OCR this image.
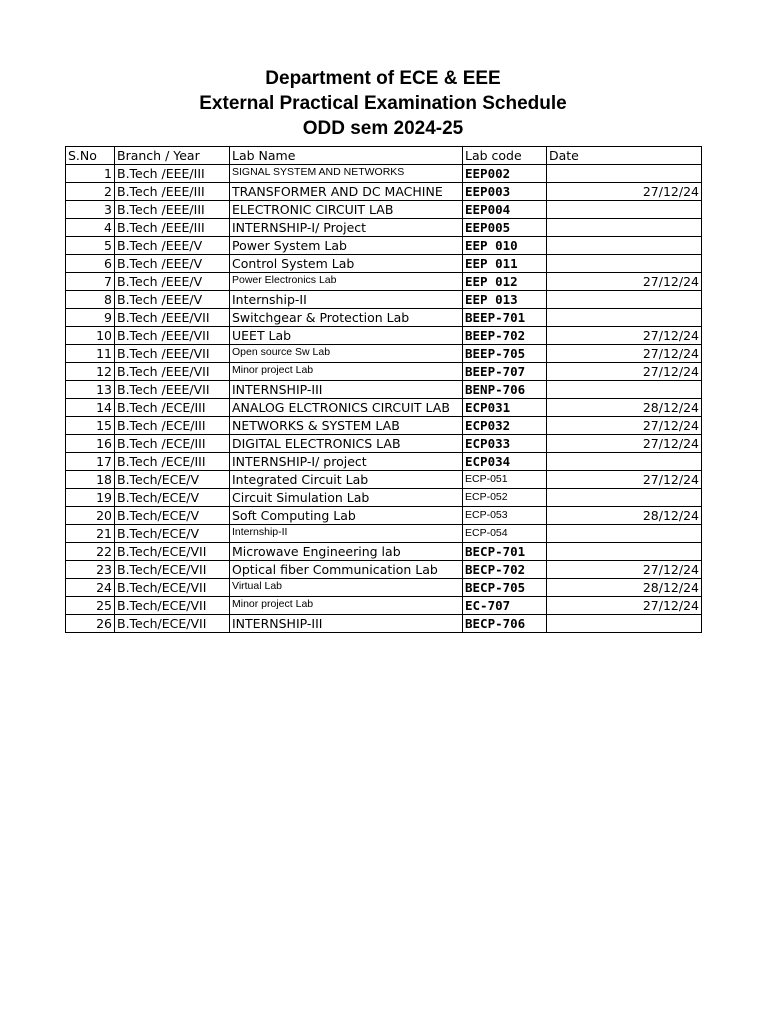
Department of ECE & EEE
External Practical Examination Schedule
ODD sem 2024-25
S.No	Branch / Year	Lab Name	Lab code	Date
1	B.Tech /EEE/III	SIGNAL SYSTEM AND NETWORKS	EEP002	
2	B.Tech /EEE/III	TRANSFORMER AND DC MACHINE	EEP003	27/12/24
3	B.Tech /EEE/III	ELECTRONIC CIRCUIT LAB	EEP004	
4	B.Tech /EEE/III	INTERNSHIP-I/ Project	EEP005	
5	B.Tech /EEE/V	Power System Lab	EEP 010	
6	B.Tech /EEE/V	Control System Lab	EEP 011	
7	B.Tech /EEE/V	Power Electronics Lab	EEP 012	27/12/24
8	B.Tech /EEE/V	Internship-II	EEP 013	
9	B.Tech /EEE/VII	Switchgear & Protection Lab	BEEP-701	
10	B.Tech /EEE/VII	UEET Lab	BEEP-702	27/12/24
11	B.Tech /EEE/VII	Open source Sw Lab	BEEP-705	27/12/24
12	B.Tech /EEE/VII	Minor project Lab	BEEP-707	27/12/24
13	B.Tech /EEE/VII	INTERNSHIP-III	BENP-706	
14	B.Tech /ECE/III	ANALOG ELCTRONICS CIRCUIT LAB	ECP031	28/12/24
15	B.Tech /ECE/III	NETWORKS & SYSTEM LAB	ECP032	27/12/24
16	B.Tech /ECE/III	DIGITAL ELECTRONICS LAB	ECP033	27/12/24
17	B.Tech /ECE/III	INTERNSHIP-I/ project	ECP034	
18	B.Tech/ECE/V	Integrated Circuit Lab	ECP-051	27/12/24
19	B.Tech/ECE/V	Circuit Simulation Lab	ECP-052	
20	B.Tech/ECE/V	Soft Computing Lab	ECP-053	28/12/24
21	B.Tech/ECE/V	Internship-II	ECP-054	
22	B.Tech/ECE/VII	Microwave Engineering lab	BECP-701	
23	B.Tech/ECE/VII	Optical fiber Communication Lab	BECP-702	27/12/24
24	B.Tech/ECE/VII	Virtual Lab	BECP-705	28/12/24
25	B.Tech/ECE/VII	Minor project Lab	EC-707	27/12/24
26	B.Tech/ECE/VII	INTERNSHIP-III	BECP-706	
